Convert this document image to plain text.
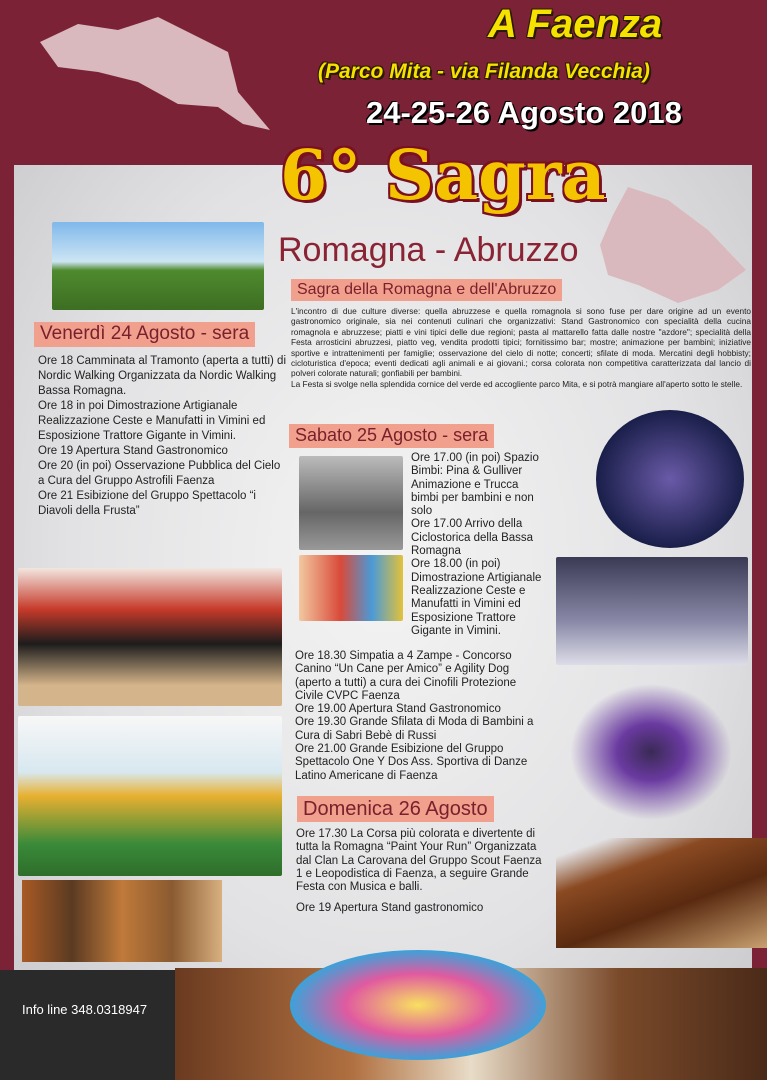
A Faenza
(Parco Mita - via Filanda Vecchia)
24-25-26 Agosto 2018
6° Sagra
Romagna - Abruzzo
Sagra della Romagna e dell'Abruzzo
L'incontro di due culture diverse: quella abruzzese e quella romagnola si sono fuse per dare origine ad un evento gastronomico originale, sia nei contenuti culinari che organizzativi: Stand Gastronomico con specialità della cucina romagnola e abruzzese; piatti e vini tipici delle due regioni; pasta al mattarello fatta dalle nostre "azdore"; specialità della Festa arrosticini abruzzesi, piatto veg, vendita prodotti tipici; fornitissimo bar; mostre; animazione per bambini; iniziative sportive e intrattenimenti per famiglie; osservazione del cielo di notte; concerti; sfilate di moda. Mercatini degli hobbisty; cicloturistica d'epoca; eventi dedicati agli animali e ai giovani.; corsa colorata non competitiva caratterizzata dal lancio di polveri colorate naturali; gonfiabili per bambini.
La Festa si svolge nella splendida cornice del verde ed accogliente parco Mita, e si potrà mangiare all'aperto sotto le stelle.
Venerdì 24 Agosto - sera
Ore 18 Camminata al Tramonto (aperta a tutti) di Nordic Walking Organizzata da Nordic Walking Bassa Romagna.
Ore 18 in poi Dimostrazione Artigianale Realizzazione Ceste e Manufatti in Vimini ed Esposizione Trattore Gigante in Vimini.
Ore 19 Apertura Stand Gastronomico
Ore 20 (in poi) Osservazione Pubblica del Cielo a Cura del Gruppo Astrofili Faenza
Ore 21 Esibizione del Gruppo Spettacolo “i Diavoli della Frusta”
Sabato 25 Agosto - sera
Ore 17.00 (in poi) Spazio Bimbi: Pina & Gulliver Animazione e Trucca bimbi per bambini e non solo
Ore 17.00 Arrivo della Ciclostorica della Bassa Romagna
Ore 18.00 (in poi) Dimostrazione Artigianale Realizzazione Ceste e Manufatti in Vimini ed Esposizione Trattore Gigante in Vimini.
Ore 18.30 Simpatia a 4 Zampe - Concorso Canino “Un Cane per Amico” e Agility Dog (aperto a tutti) a cura dei Cinofili Protezione Civile CVPC Faenza
Ore 19.00 Apertura Stand Gastronomico
Ore 19.30 Grande Sfilata di Moda di Bambini a Cura di Sabri Bebè di Russi
Ore 21.00 Grande Esibizione del Gruppo Spettacolo One Y Dos Ass. Sportiva di Danze Latino Americane di Faenza
Domenica 26 Agosto
Ore 17.30 La Corsa più colorata e divertente di tutta la Romagna “Paint Your Run” Organizzata dal Clan La Carovana del Gruppo Scout Faenza 1 e Leopodistica di Faenza, a seguire Grande Festa con Musica e balli.
Ore 19 Apertura Stand gastronomico
Info line 348.0318947
